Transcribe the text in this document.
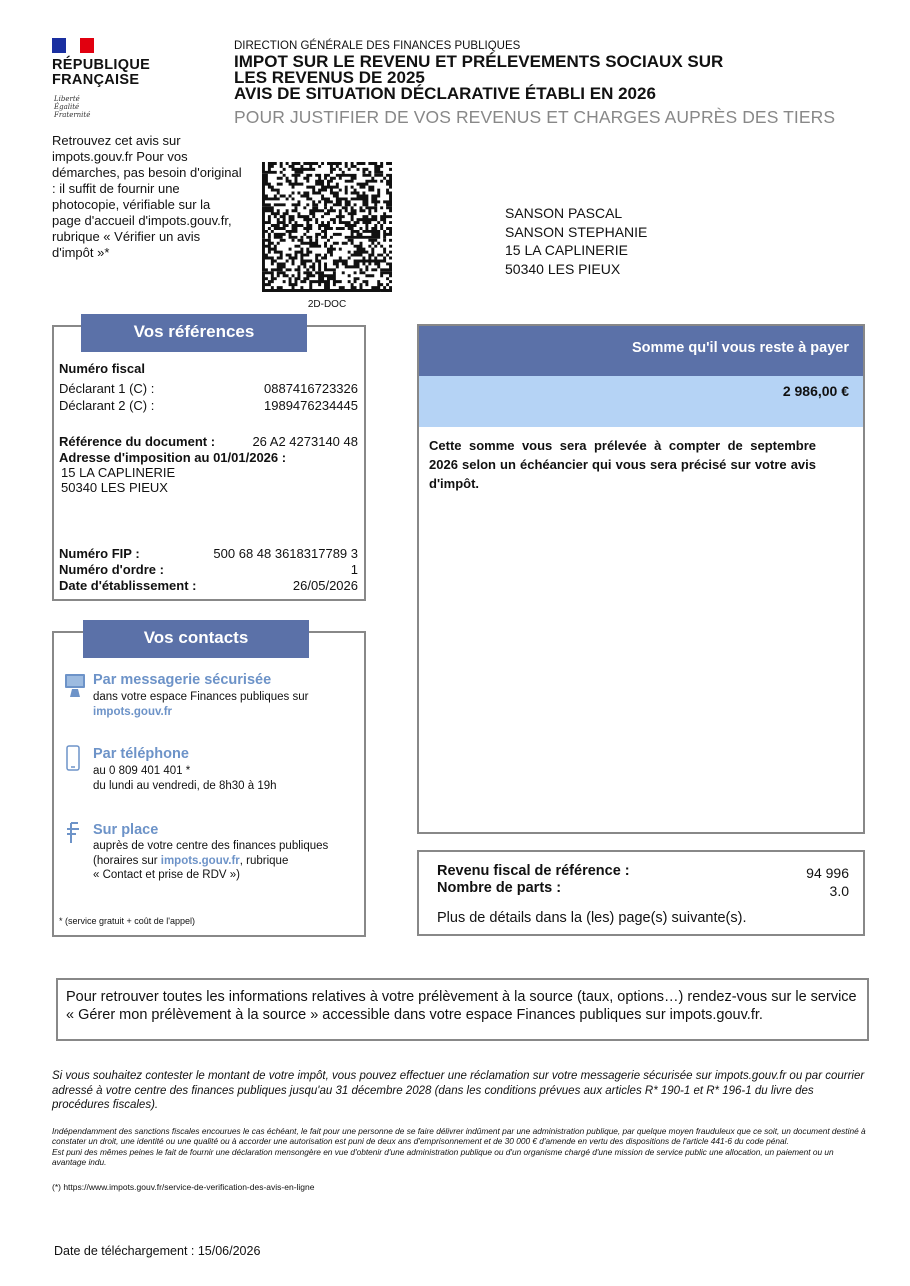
RÉPUBLIQUE
FRANÇAISE
Liberté
Égalité
Fraternité
DIRECTION GÉNÉRALE DES FINANCES PUBLIQUES
IMPOT SUR LE REVENU ET PRÉLEVEMENTS SOCIAUX SUR
LES REVENUS DE 2025
AVIS DE SITUATION DÉCLARATIVE ÉTABLI EN 2026
POUR JUSTIFIER DE VOS REVENUS ET CHARGES AUPRÈS DES TIERS
Retrouvez cet avis sur impots.gouv.fr Pour vos démarches, pas besoin d'original : il suffit de fournir une photocopie, vérifiable sur la page d'accueil d'impots.gouv.fr, rubrique « Vérifier un avis d'impôt »*
2D-DOC
SANSON PASCAL
SANSON STEPHANIE
15 LA CAPLINERIE
50340 LES PIEUX
Vos références
Numéro fiscal
Déclarant 1 (C) :	0887416723326
Déclarant 2 (C) :	1989476234445
Référence du document :	26 A2 4273140 48
Adresse d'imposition au 01/01/2026 :
15 LA CAPLINERIE
50340 LES PIEUX
Numéro FIP :	500 68 48 3618317789 3
Numéro d'ordre :	1
Date d'établissement :	26/05/2026
Vos contacts
Par messagerie sécurisée
dans votre espace Finances publiques sur
impots.gouv.fr
Par téléphone
au 0 809 401 401 *
du lundi au vendredi, de 8h30 à 19h
Sur place
auprès de votre centre des finances publiques
(horaires sur impots.gouv.fr, rubrique
« Contact et prise de RDV »)
* (service gratuit + coût de l'appel)
Somme qu'il vous reste à payer
2 986,00 €
Cette somme vous sera prélevée à compter de septembre 2026 selon un échéancier qui vous sera précisé sur votre avis d'impôt.
Revenu fiscal de référence :	94 996
Nombre de parts :	3.0
Plus de détails dans la (les) page(s) suivante(s).
Pour retrouver toutes les informations relatives à votre prélèvement à la source (taux, options…) rendez-vous sur le service « Gérer mon prélèvement à la source » accessible dans votre espace Finances publiques sur impots.gouv.fr.
Si vous souhaitez contester le montant de votre impôt, vous pouvez effectuer une réclamation sur votre messagerie sécurisée sur impots.gouv.fr ou par courrier adressé à votre centre des finances publiques jusqu'au 31 décembre 2028 (dans les conditions prévues aux articles R* 190-1 et R* 196-1 du livre des procédures fiscales).
Indépendamment des sanctions fiscales encourues le cas échéant, le fait pour une personne de se faire délivrer indûment par une administration publique, par quelque moyen frauduleux que ce soit, un document destiné à constater un droit, une identité ou une qualité ou à accorder une autorisation est puni de deux ans d'emprisonnement et de 30 000 € d'amende en vertu des dispositions de l'article 441-6 du code pénal.
Est puni des mêmes peines le fait de fournir une déclaration mensongère en vue d'obtenir d'une administration publique ou d'un organisme chargé d'une mission de service public une allocation, un paiement ou un avantage indu.
(*) https://www.impots.gouv.fr/service-de-verification-des-avis-en-ligne
Date de téléchargement : 15/06/2026
